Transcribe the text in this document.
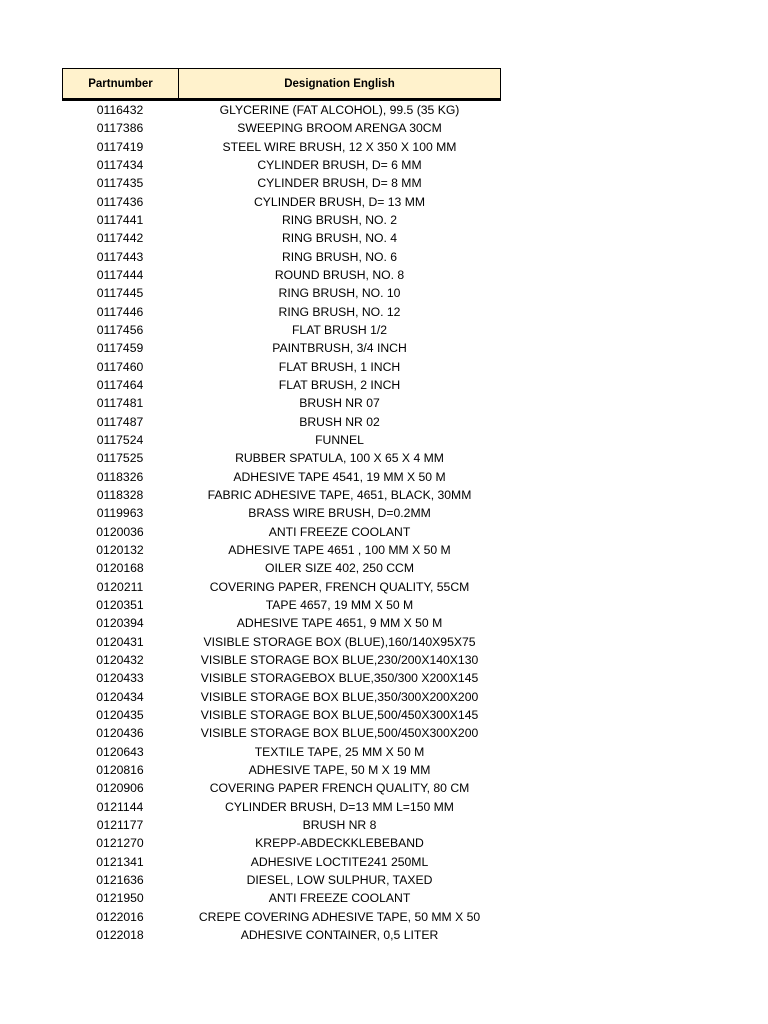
Partnumber	Designation English
0116432	GLYCERINE (FAT ALCOHOL), 99.5 (35 KG)
0117386	SWEEPING BROOM ARENGA 30CM
0117419	STEEL WIRE BRUSH, 12 X 350 X 100 MM
0117434	CYLINDER BRUSH, D= 6 MM
0117435	CYLINDER BRUSH, D= 8 MM
0117436	CYLINDER BRUSH, D= 13 MM
0117441	RING BRUSH, NO. 2
0117442	RING BRUSH, NO. 4
0117443	RING BRUSH, NO. 6
0117444	ROUND BRUSH, NO. 8
0117445	RING BRUSH, NO. 10
0117446	RING BRUSH, NO. 12
0117456	FLAT BRUSH 1/2
0117459	PAINTBRUSH, 3/4 INCH
0117460	FLAT BRUSH, 1 INCH
0117464	FLAT BRUSH, 2 INCH
0117481	BRUSH NR 07
0117487	BRUSH NR 02
0117524	FUNNEL
0117525	RUBBER SPATULA, 100 X 65 X 4 MM
0118326	ADHESIVE TAPE 4541, 19 MM X 50 M
0118328	FABRIC ADHESIVE TAPE, 4651, BLACK, 30MM
0119963	BRASS WIRE BRUSH, D=0.2MM
0120036	ANTI FREEZE COOLANT
0120132	ADHESIVE TAPE 4651 , 100 MM X 50 M
0120168	OILER SIZE 402, 250 CCM
0120211	COVERING PAPER, FRENCH QUALITY, 55CM
0120351	TAPE 4657, 19 MM X 50 M
0120394	ADHESIVE TAPE 4651, 9 MM X 50 M
0120431	VISIBLE STORAGE BOX (BLUE),160/140X95X75
0120432	VISIBLE STORAGE BOX BLUE,230/200X140X130
0120433	VISIBLE STORAGEBOX BLUE,350/300 X200X145
0120434	VISIBLE STORAGE BOX BLUE,350/300X200X200
0120435	VISIBLE STORAGE BOX BLUE,500/450X300X145
0120436	VISIBLE STORAGE BOX BLUE,500/450X300X200
0120643	TEXTILE TAPE, 25 MM X 50 M
0120816	ADHESIVE TAPE, 50 M X 19 MM
0120906	COVERING PAPER FRENCH QUALITY, 80 CM
0121144	CYLINDER BRUSH, D=13 MM L=150 MM
0121177	BRUSH NR 8
0121270	KREPP-ABDECKKLEBEBAND
0121341	ADHESIVE LOCTITE241 250ML
0121636	DIESEL, LOW SULPHUR, TAXED
0121950	ANTI FREEZE COOLANT
0122016	CREPE COVERING ADHESIVE TAPE, 50 MM X 50
0122018	ADHESIVE CONTAINER, 0,5 LITER
